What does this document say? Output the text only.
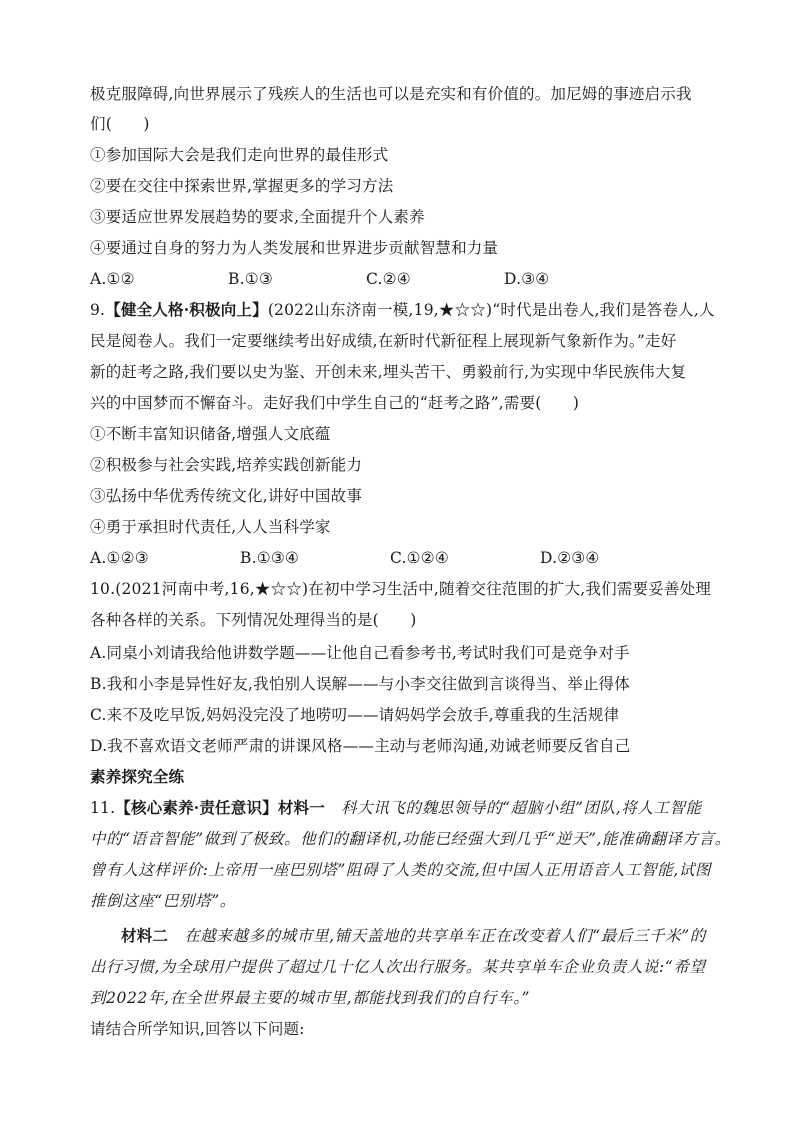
极克服障碍,向世界展示了残疾人的生活也可以是充实和有价值的。加尼姆的事迹启示我
们(　　)
①参加国际大会是我们走向世界的最佳形式
②要在交往中探索世界,掌握更多的学习方法
③要适应世界发展趋势的要求,全面提升个人素养
④要通过自身的努力为人类发展和世界进步贡献智慧和力量
A.①②	B.①③	C.②④	D.③④
9.【健全人格·积极向上】(2022山东济南一模,19,★☆☆)“时代是出卷人,我们是答卷人,人
民是阅卷人。我们一定要继续考出好成绩,在新时代新征程上展现新气象新作为。”走好
新的赶考之路,我们要以史为鉴、开创未来,埋头苦干、勇毅前行,为实现中华民族伟大复
兴的中国梦而不懈奋斗。走好我们中学生自己的“赶考之路”,需要(　　)
①不断丰富知识储备,增强人文底蕴
②积极参与社会实践,培养实践创新能力
③弘扬中华优秀传统文化,讲好中国故事
④勇于承担时代责任,人人当科学家
A.①②③	B.①③④	C.①②④	D.②③④
10.(2021河南中考,16,★☆☆)在初中学习生活中,随着交往范围的扩大,我们需要妥善处理
各种各样的关系。下列情况处理得当的是(　　)
A.同桌小刘请我给他讲数学题——让他自己看参考书,考试时我们可是竞争对手
B.我和小李是异性好友,我怕别人误解——与小李交往做到言谈得当、举止得体
C.来不及吃早饭,妈妈没完没了地唠叨——请妈妈学会放手,尊重我的生活规律
D.我不喜欢语文老师严肃的讲课风格——主动与老师沟通,劝诫老师要反省自己
素养探究全练
11.【核心素养·责任意识】材料一　科大讯飞的魏思领导的“超脑小组”团队,将人工智能
中的“语音智能”做到了极致。他们的翻译机,功能已经强大到几乎“逆天”,能准确翻译方言。
曾有人这样评价:上帝用一座巴别塔”阻碍了人类的交流,但中国人正用语音人工智能,试图
推倒这座“巴别塔”。
材料二　在越来越多的城市里,铺天盖地的共享单车正在改变着人们“最后三千米”的
出行习惯,为全球用户提供了超过几十亿人次出行服务。某共享单车企业负责人说:“希望
到2022年,在全世界最主要的城市里,都能找到我们的自行车。”
请结合所学知识,回答以下问题:
